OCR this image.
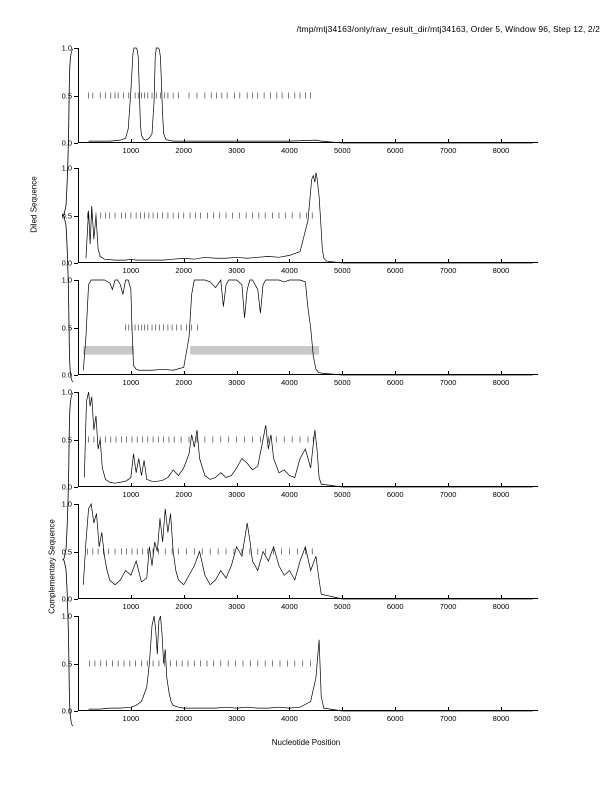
/tmp/mtj34163/only/raw_result_dir/mtj34163, Order 5, Window 96, Step 12, 2/2
Diled Sequence
Complementary Sequence
0.0
0.5
1.0
1000	2000	3000	4000	5000	6000	7000	8000
0.0
0.5
1.0
1000	2000	3000	4000	5000	6000	7000	8000
0.0
0.5
1.0
1000	2000	3000	4000	5000	6000	7000	8000
0.0
0.5
1.0
1000	2000	3000	4000	5000	6000	7000	8000
0.0
0.5
1.0
1000	2000	3000	4000	5000	6000	7000	8000
0.0
0.5
1.0
1000	2000	3000	4000	5000	6000	7000	8000
Nucleotide Position
